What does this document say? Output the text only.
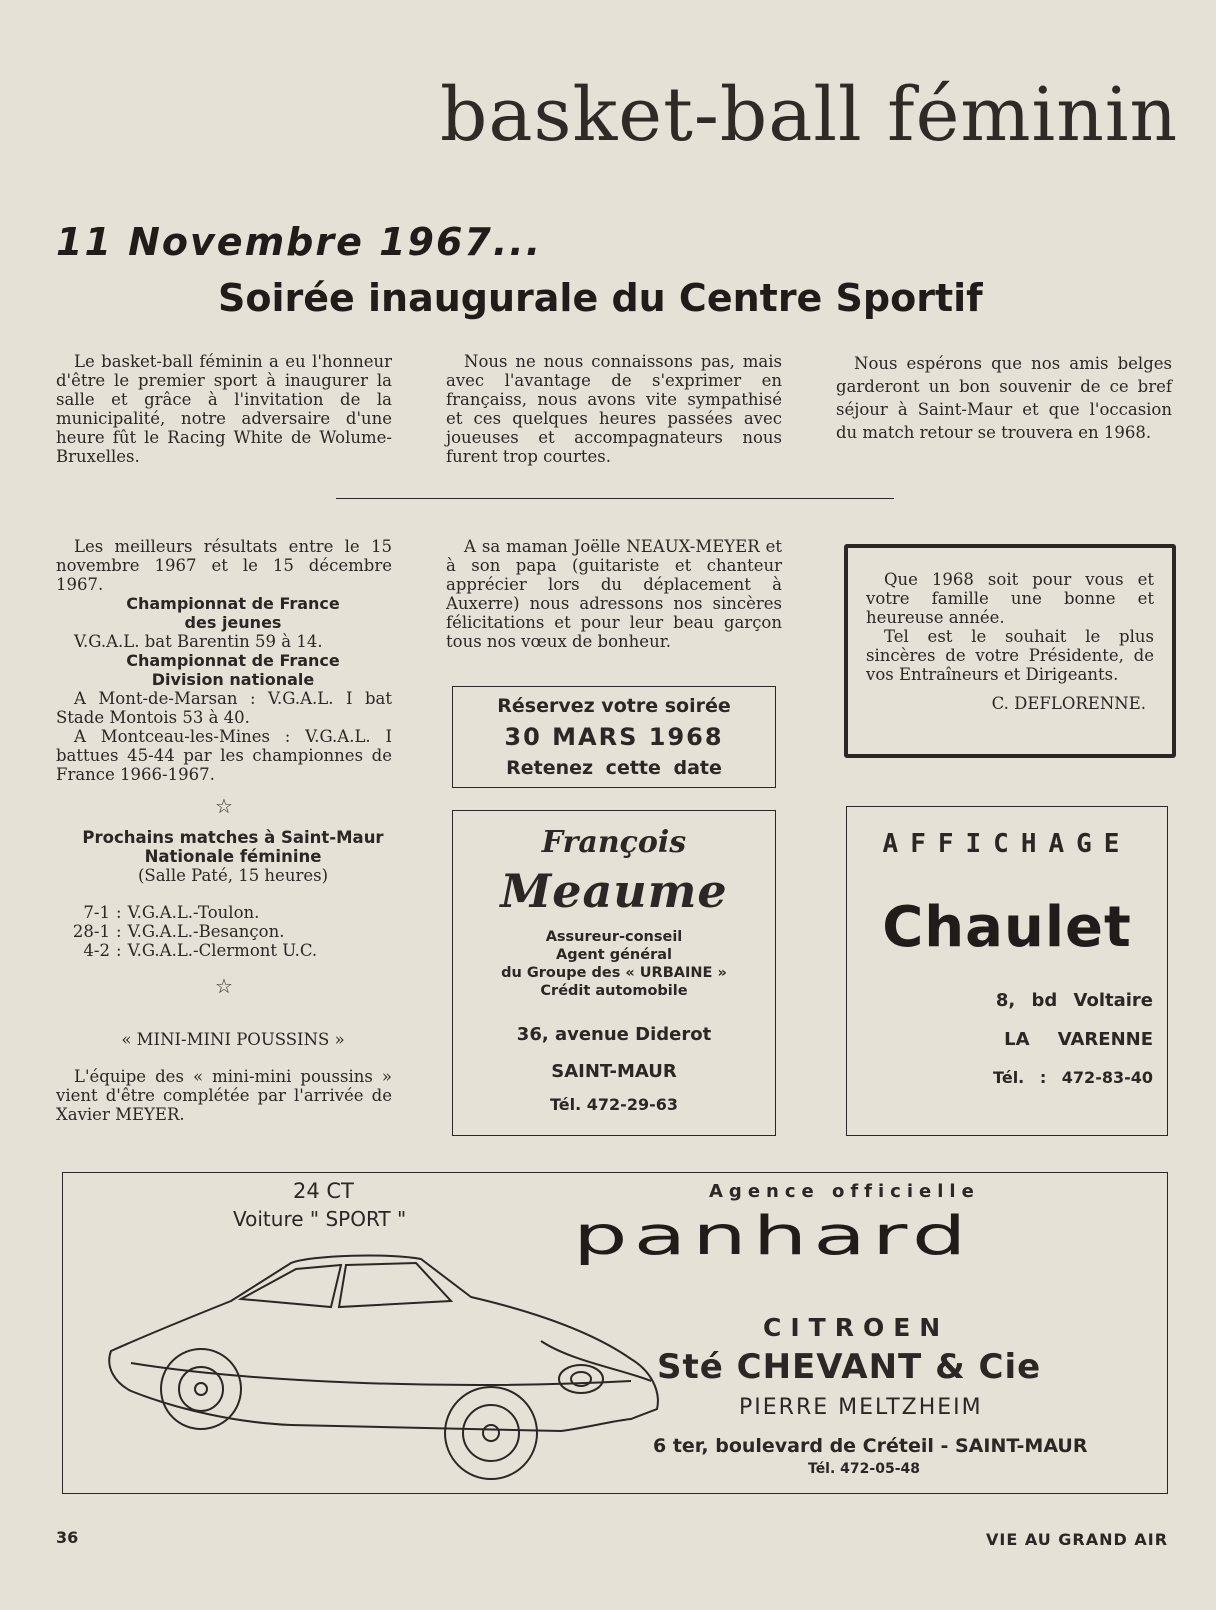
basket-ball féminin
11 Novembre 1967...
Soirée inaugurale du Centre Sportif

Le basket-ball féminin a eu l'honneur d'être le premier sport à inaugurer la salle et grâce à l'invitation de la municipalité, notre adversaire d'une heure fût le Racing White de Wolume-Bruxelles.

Nous ne nous connaissons pas, mais avec l'avantage de s'exprimer en françaiss, nous avons vite sympathisé et ces quelques heures passées avec joueuses et accompagnateurs nous furent trop courtes.

Nous espérons que nos amis belges garderont un bon souvenir de ce bref séjour à Saint-Maur et que l'occasion du match retour se trouvera en 1968.

Les meilleurs résultats entre le 15 novembre 1967 et le 15 décembre 1967.

Championnat de France

des jeunes

V.G.A.L. bat Barentin 59 à 14.

Championnat de France

Division nationale

A Mont-de-Marsan : V.G.A.L. I bat Stade Montois 53 à 40.

A Montceau-les-Mines : V.G.A.L. I battues 45-44 par les championnes de France 1966-1967.

☆

Prochains matches à Saint-Maur

Nationale féminine

(Salle Paté, 15 heures)

7-1 : V.G.A.L.-Toulon.
28-1 : V.G.A.L.-Besançon.
4-2 : V.G.A.L.-Clermont U.C.
☆

« MINI-MINI POUSSINS »

L'équipe des « mini-mini poussins » vient d'être complétée par l'arrivée de Xavier MEYER.

A sa maman Joëlle NEAUX-MEYER et à son papa (guitariste et chanteur apprécier lors du déplacement à Auxerre) nous adressons nos sincères félicitations et pour leur beau garçon tous nos vœux de bonheur.

Réservez votre soirée
30 MARS 1968
Retenez cette date
François
Meaume
Assureur-conseil
Agent général
du Groupe des « URBAINE »
Crédit automobile
36, avenue Diderot
SAINT-MAUR
Tél. 472-29-63

Que 1968 soit pour vous et votre famille une bonne et heureuse année.

Tel est le souhait le plus sincères de votre Présidente, de vos Entraîneurs et Dirigeants.

C. DEFLORENNE.

AFFICHAGE
Chaulet
8, bd Voltaire
LA VARENNE
Tél. : 472-83-40
24 CT
Voiture " SPORT "
Agence officielle
panhard
CITROEN
Sté CHEVANT & Cie
PIERRE MELTZHEIM
6 ter, boulevard de Créteil - SAINT-MAUR
Tél. 472-05-48
36	VIE AU GRAND AIR
